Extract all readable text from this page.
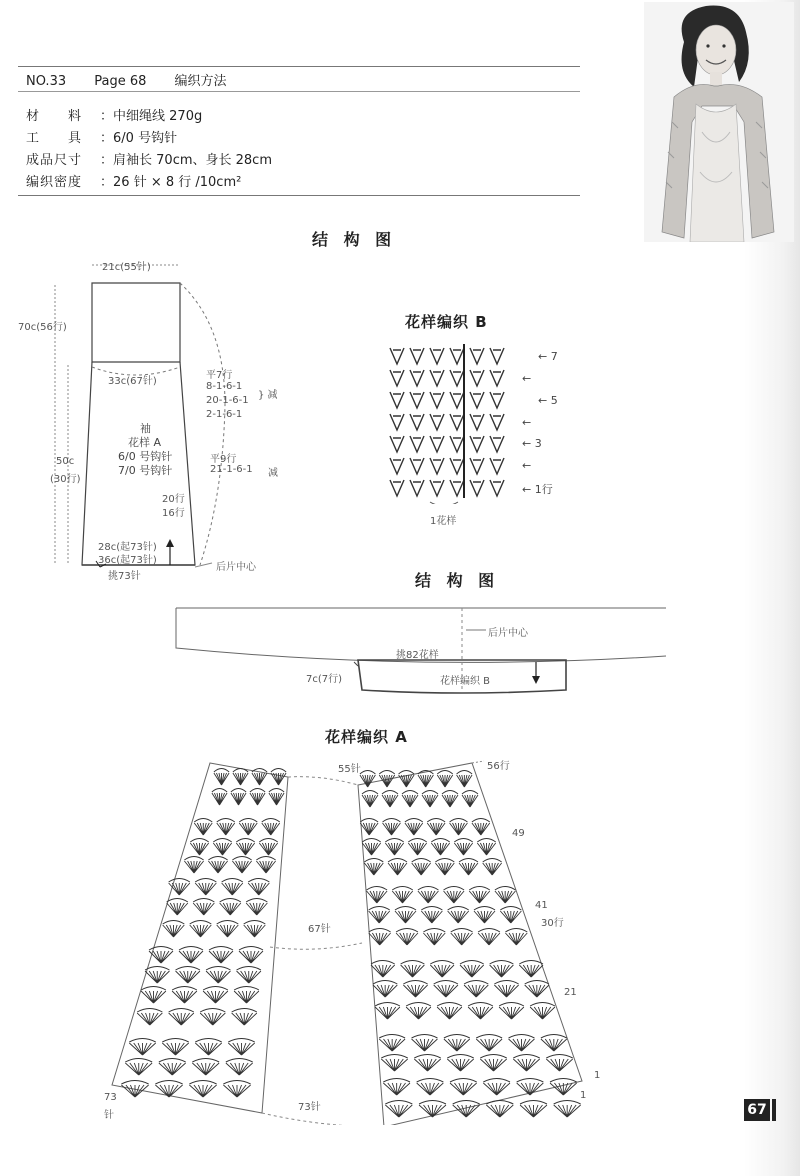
NO.33 Page 68 编织方法
材　　料 ：中细绳线 270g
工　　具 ：6/0 号钩针
成品尺寸 ：肩袖长 70cm、身长 28cm
编织密度 ：26 针 × 8 行 /10cm²
结 构 图
21c(55针)
70c(56行)
33c(67针)
平7行
8-1-6-1
20-1-6-1
2-1-6-1
} 减
袖
花样 A
6/0 号钩针
7/0 号钩针
50c
(30行)
平9行
21-1-6-1 减
20行
16行
28c(起73针)
36c(起73针)
挑73针
后片中心
花样编织 B
← 7
←
← 5
←
← 3
←
← 1行
1花样
结 构 图
后片中心
挑82花样
7c(7行)	花样编织 B
花样编织 A
55针	56行
49
67针
41
30行
21
1
1
73针
73
针	67
